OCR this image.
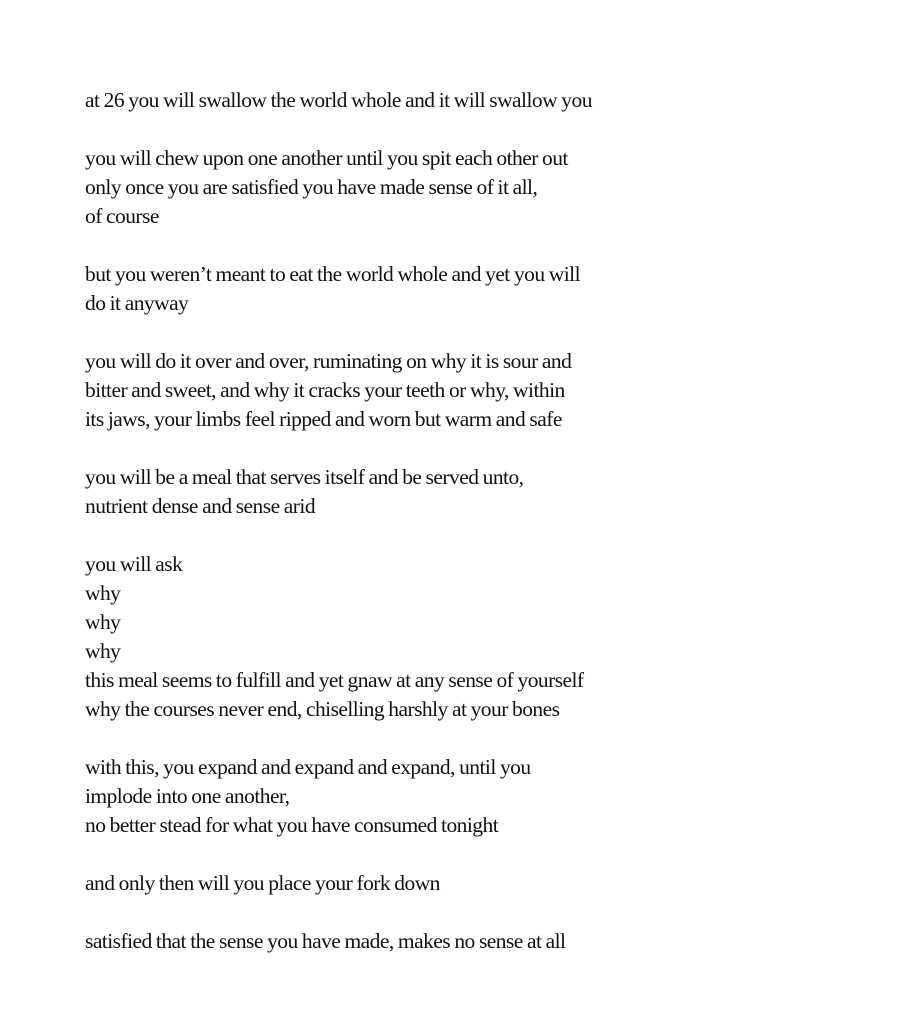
at 26 you will swallow the world whole and it will swallow you
you will chew upon one another until you spit each other out
only once you are satisfied you have made sense of it all,
of course
but you weren’t meant to eat the world whole and yet you will
do it anyway
you will do it over and over, ruminating on why it is sour and
bitter and sweet, and why it cracks your teeth or why, within
its jaws, your limbs feel ripped and worn but warm and safe
you will be a meal that serves itself and be served unto,
nutrient dense and sense arid
you will ask
why
why
why
this meal seems to fulfill and yet gnaw at any sense of yourself
why the courses never end, chiselling harshly at your bones
with this, you expand and expand and expand, until you
implode into one another,
no better stead for what you have consumed tonight
and only then will you place your fork down
satisfied that the sense you have made, makes no sense at all
